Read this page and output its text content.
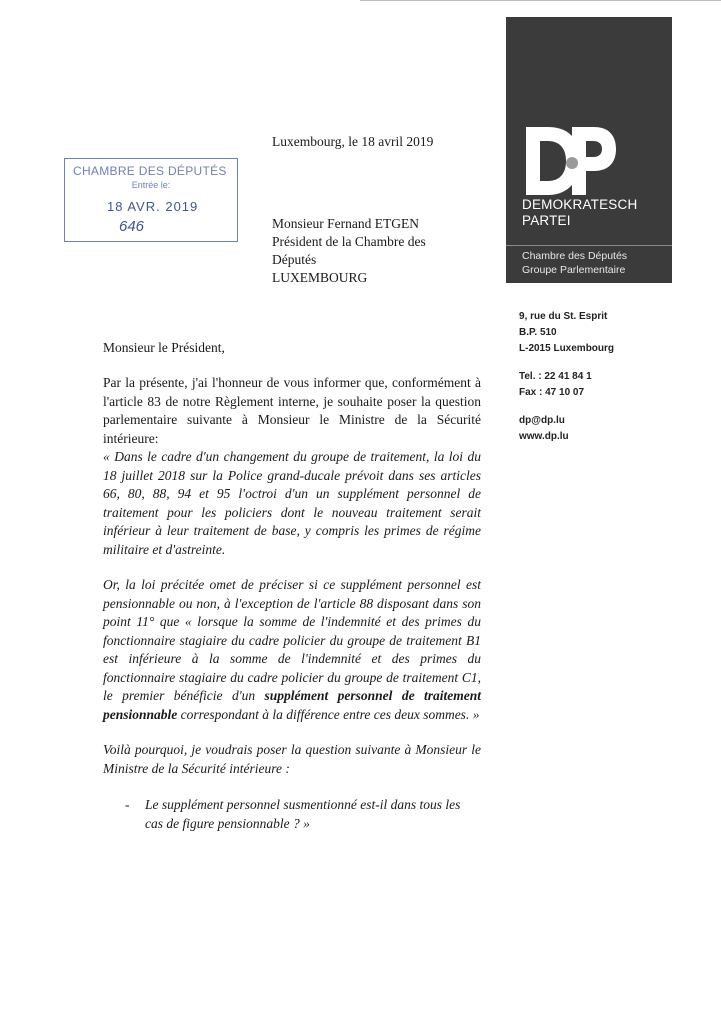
CHAMBRE DES DÉPUTÉS
Entrée le:
18 AVR. 2019
646
DEMOKRATESCH
PARTEI
Chambre des Députés
Groupe Parlementaire
9, rue du St. Esprit
B.P. 510
L-2015 Luxembourg
Tel. : 22 41 84 1
Fax : 47 10 07
dp@dp.lu
www.dp.lu
Luxembourg, le 18 avril 2019
Monsieur Fernand ETGEN
Président de la Chambre des Députés
LUXEMBOURG
Monsieur le Président,

Par la présente, j'ai l'honneur de vous informer que, conformément à l'article 83 de notre Règlement interne, je souhaite poser la question parlementaire suivante à Monsieur le Ministre de la Sécurité intérieure:

« Dans le cadre d'un changement du groupe de traitement, la loi du 18 juillet 2018 sur la Police grand-ducale prévoit dans ses articles 66, 80, 88, 94 et 95 l'octroi d'un un supplément personnel de traitement pour les policiers dont le nouveau traitement serait inférieur à leur traitement de base, y compris les primes de régime militaire et d'astreinte.

Or, la loi précitée omet de préciser si ce supplément personnel est pensionnable ou non, à l'exception de l'article 88 disposant dans son point 11° que « lorsque la somme de l'indemnité et des primes du fonctionnaire stagiaire du cadre policier du groupe de traitement B1 est inférieure à la somme de l'indemnité et des primes du fonctionnaire stagiaire du cadre policier du groupe de traitement C1, le premier bénéficie d'un supplément personnel de traitement pensionnable correspondant à la différence entre ces deux sommes. »

Voilà pourquoi, je voudrais poser la question suivante à Monsieur le Ministre de la Sécurité intérieure :

-	Le supplément personnel susmentionné est-il dans tous les cas de figure pensionnable ? »
